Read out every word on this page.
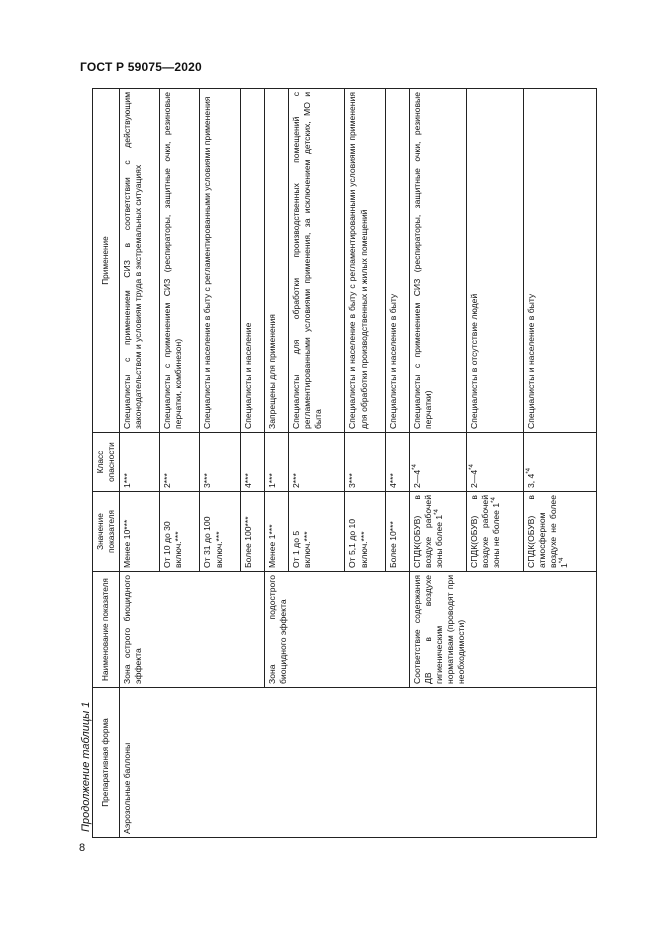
ГОСТ Р 59075—2020
Продолжение таблицы 1
8
Препаративная форма	Наименование показателя	Значение показателя	Класс опасности	Применение
Аэрозольные баллоны	Зона острого биоцидного эффекта	Менее 10***	1***	Специалисты с применением СИЗ в соответствии с действующим законодательством и условиям труда в экстремальных ситуациях
		От 10 до 30 включ.***	2***	Специалисты с применением СИЗ (респираторы, защитные очки, резиновые перчатки, комбинезон)
		От 31 до 100 включ.***	3***	Специалисты и население в быту с регламентированными условиями применения
		Более 100***	4***	Специалисты и население
	Зона подострого биоцидного эффекта	Менее 1***	1***	Запрещены для применения
		От 1 до 5 включ.***	2***	Специалисты для обработки производственных помещений с регламентированными условиями применения, за исключением детских, МО и быта
		От 5,1 до 10 включ.***	3***	Специалисты и население в быту с регламентированными условиями применения для обработки производственных и жилых помещений
		Более 10***	4***	Специалисты и население в быту
	Соответствие содержания ДВ в воздухе гигиеническим нормативам (проводят при необходимости)	СПДК(ОБУВ) в воздухе рабочей зоны более 1$^{*4}$	2—4$^{*4}$	Специалисты с применением СИЗ (респираторы, защитные очки, резиновые перчатки)
		СПДК(ОБУВ) в воздухе рабочей зоны не более 1$^{*4}$	2—4$^{*4}$	Специалисты в отсутствие людей
		СПДК(ОБУВ) в атмосферном воздухе не более 1$^{*4}$	3, 4$^{*4}$	Специалисты и население в быту
